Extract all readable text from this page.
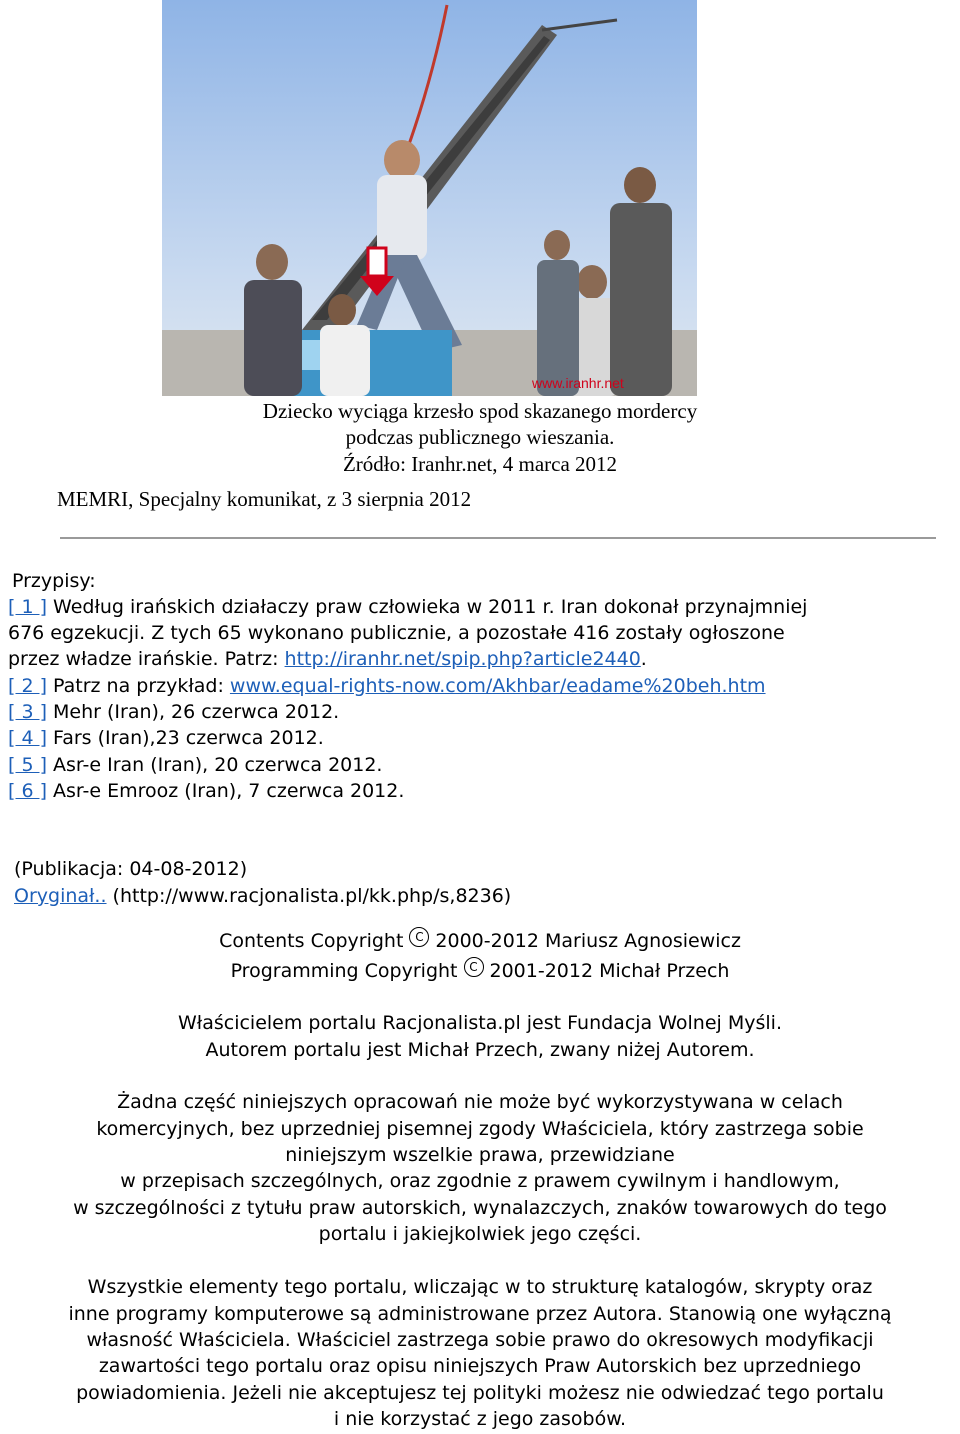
www.iranhr.net
Dziecko wyciąga krzesło spod skazanego mordercy
podczas publicznego wieszania.
Źródło: Iranhr.net, 4 marca 2012
MEMRI, Specjalny komunikat, z 3 sierpnia 2012
Przypisy:
[ 1 ] Według irańskich działaczy praw człowieka w 2011 r. Iran dokonał przynajmniej
676 egzekucji. Z tych 65 wykonano publicznie, a pozostałe 416 zostały ogłoszone
przez władze irańskie. Patrz: http://iranhr.net/spip.php?article2440.
[ 2 ] Patrz na przykład: www.equal-rights-now.com/Akhbar/eadame%20beh.htm
[ 3 ] Mehr (Iran), 26 czerwca 2012.
[ 4 ] Fars (Iran),23 czerwca 2012.
[ 5 ] Asr-e Iran (Iran), 20 czerwca 2012.
[ 6 ] Asr-e Emrooz (Iran), 7 czerwca 2012.
(Publikacja: 04-08-2012)
Oryginał.. (http://www.racjonalista.pl/kk.php/s,8236)
Contents Copyright C 2000-2012 Mariusz Agnosiewicz
Programming Copyright C 2001-2012 Michał Przech
Właścicielem portalu Racjonalista.pl jest Fundacja Wolnej Myśli.
Autorem portalu jest Michał Przech, zwany niżej Autorem.
Żadna część niniejszych opracowań nie może być wykorzystywana w celach
komercyjnych, bez uprzedniej pisemnej zgody Właściciela, który zastrzega sobie
niniejszym wszelkie prawa, przewidziane
w przepisach szczególnych, oraz zgodnie z prawem cywilnym i handlowym,
w szczególności z tytułu praw autorskich, wynalazczych, znaków towarowych do tego
portalu i jakiejkolwiek jego części.
Wszystkie elementy tego portalu, wliczając w to strukturę katalogów, skrypty oraz
inne programy komputerowe są administrowane przez Autora. Stanowią one wyłączną
własność Właściciela. Właściciel zastrzega sobie prawo do okresowych modyfikacji
zawartości tego portalu oraz opisu niniejszych Praw Autorskich bez uprzedniego
powiadomienia. Jeżeli nie akceptujesz tej polityki możesz nie odwiedzać tego portalu
i nie korzystać z jego zasobów.
